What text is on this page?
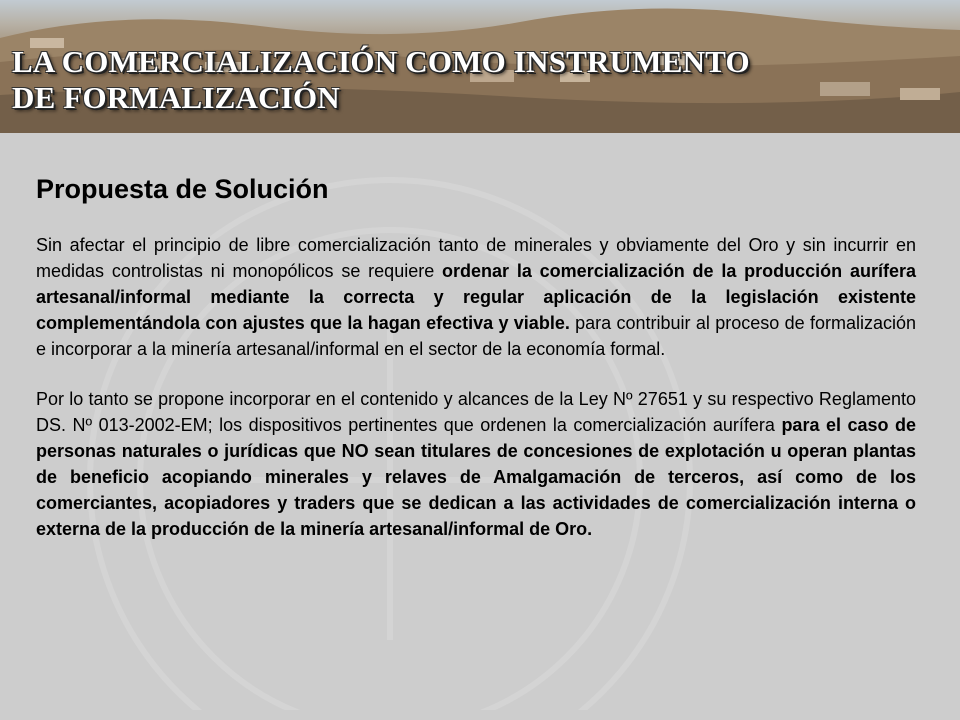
LA COMERCIALIZACIÓN COMO INSTRUMENTO
DE FORMALIZACIÓN
Propuesta de Solución

Sin afectar el principio de libre comercialización tanto de minerales y obviamente del Oro y sin incurrir en medidas controlistas ni monopólicos se requiere ordenar la comercialización de la producción aurífera artesanal/informal mediante la correcta y regular aplicación de la legislación existente complementándola con ajustes que la hagan efectiva y viable. para contribuir al proceso de formalización e incorporar a la minería artesanal/informal en el sector de la economía formal.

Por lo tanto se propone incorporar en el contenido y alcances de la Ley Nº 27651 y su respectivo Reglamento DS. Nº 013-2002-EM; los dispositivos pertinentes que ordenen la comercialización aurífera para el caso de personas naturales o jurídicas que NO sean titulares de concesiones de explotación u operan plantas de beneficio acopiando minerales y relaves de Amalgamación de terceros, así como de los comerciantes, acopiadores y traders que se dedican a las actividades de comercialización interna o externa de la producción de la minería artesanal/informal de Oro.
